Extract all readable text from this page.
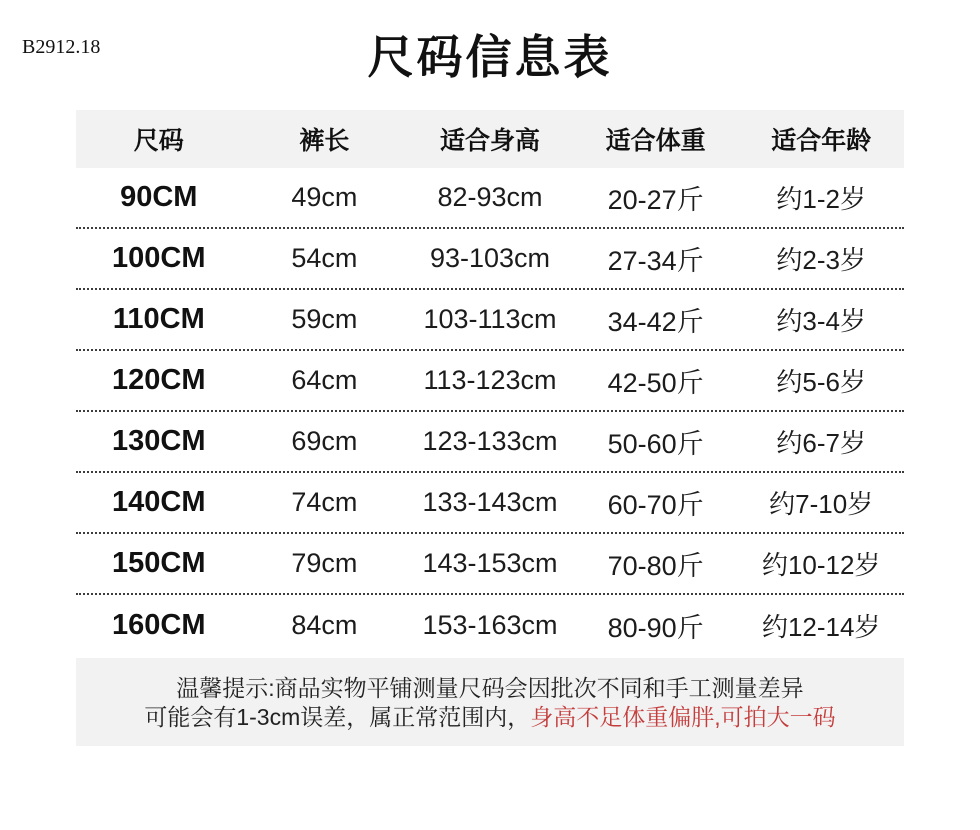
B2912.18	尺码信息表
尺码	裤长	适合身高	适合体重	适合年龄
90CM	49cm	82-93cm	20-27斤	约1-2岁
100CM	54cm	93-103cm	27-34斤	约2-3岁
110CM	59cm	103-113cm	34-42斤	约3-4岁
120CM	64cm	113-123cm	42-50斤	约5-6岁
130CM	69cm	123-133cm	50-60斤	约6-7岁
140CM	74cm	133-143cm	60-70斤	约7-10岁
150CM	79cm	143-153cm	70-80斤	约10-12岁
160CM	84cm	153-163cm	80-90斤	约12-14岁
温馨提示:商品实物平铺测量尺码会因批次不同和手工测量差异
可能会有1-3cm误差，属正常范围内，身高不足体重偏胖,可拍大一码
